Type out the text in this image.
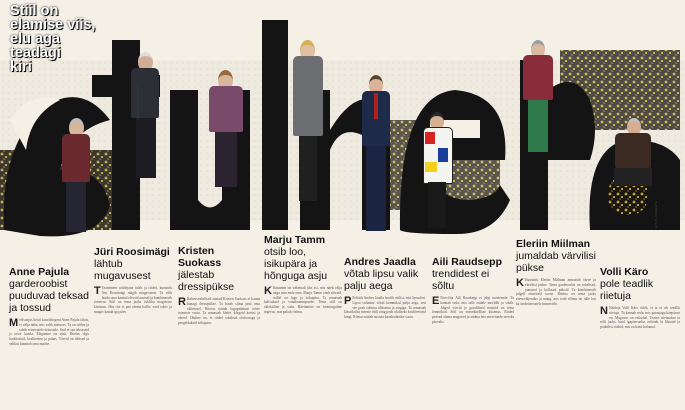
FOTOD: MARIO PAJULA
ETTVIL JASMEETE
Stiil on
elamise viis,
elu aga
teadagi
kiri
Anne Pajula
garderoobist puuduvad teksad ja tossud
M eelsoojus kristi kooridirigent Anne Pajula tähtis, et välja näha, mis valik riietuses. Ta on stiilne ja sobib erinevatele üritustele. Seal ei saa teksaseid ja tosse kanda. Elegantne on alati. Riietus olgu hoolitsetud, kvaliteetne ja puhas. Värvid on tähtsad ja valikut kinnitab oma maitse.
Jüri Roosimägi
lähtub mugavusest
T Teatrimees näitlejana tuleb ja riided, kunstnik Jüri Roosimägi räägib mugavusest. Ta võib hoida oma kantud rõivaid aastaid ja kombineerib erinevat. Stiil on tema jaoks isikliku mugavuse küsimus. Hea riie ei pea olema kallis, vaid sobiv ja mugav kanda iga päev.
Kristen Suokass
jälestab dressipükse
R Rahvusvaheliselt tuntud Kristen Suokass ei kanna kunagi dressipükse. Ta hoiab silma peal oma välimusel. Riietus näitab lugupidamist teiste inimeste vastu. Ta armastab kleite, kõrgeid kontsi ja ehteid. Oluline on, et riided sobiksid olukorraga ja peegeldaksid isikupära.
Marju Tamm
otsib loo, isikupära ja hõnguga asju
K Kauneim on vähemalt üks asi, mis näeb välja nagu sinu enda oma. Marju Tamm otsib rõivaid, millel on lugu ja isikupära. Ta armastab kaltsukaid ja vanakraamipoode. Tema stiil on eklektiline ja vaba. Riietumine on loominguline tegevus, mis pakub rõõmu.
Andres Jaadla
võtab lipsu valik palju aega
P Poliitik Andres Jaadla hoolib stiilist, eriti lipsudest. Lipsu valimine võtab hommikul palju aega, sest see peab sobima ülikonna ja särgiga. Ta armastab klassikalist meeste stiili ning peab oluliseks kvaliteetseid kingi. Riietus näitab austust kaaskodanike vastu.
Aili Raudsepp
trendidest ei sõltu
E Ettevõtja Aili Raudsepp ei jälgi moetrende. Ta kannab seda, mis talle endale meeldib ja sobib. Julged värvid ja graafilised mustrid on tema lemmikud. Stiil on enesekindluse küsimus. Riided peavad olema mugavad ja andma hea enesetunde terveks päevaks.
Eleriin Miilman
jumaldab värvilisi pükse
K Kunstnik Eleriin Miilman armastab värve ja värvilisi pükse. Tema garderoobis on rohelised, punased ja kollased püksid. Ta kombineerib julgelt erinevaid toone. Riietus on tema jaoks eneseväljendus ja mäng, mis toob rõõmu nii talle kui ka ümbritsevatele inimestele.
Volli Käro
pole teadlik riietuja
N Näitleja Volli Käro ütleb, et ta ei ole teadlik riietuja. Ta kannab seda, mis parasjagu käepärast on. Mugavus on esikohal. Teatris riietatakse ta rolli jaoks, kuid igapäevaelus eelistab ta lihtsaid ja praktilisi riideid, mis on hästi kulunud.
